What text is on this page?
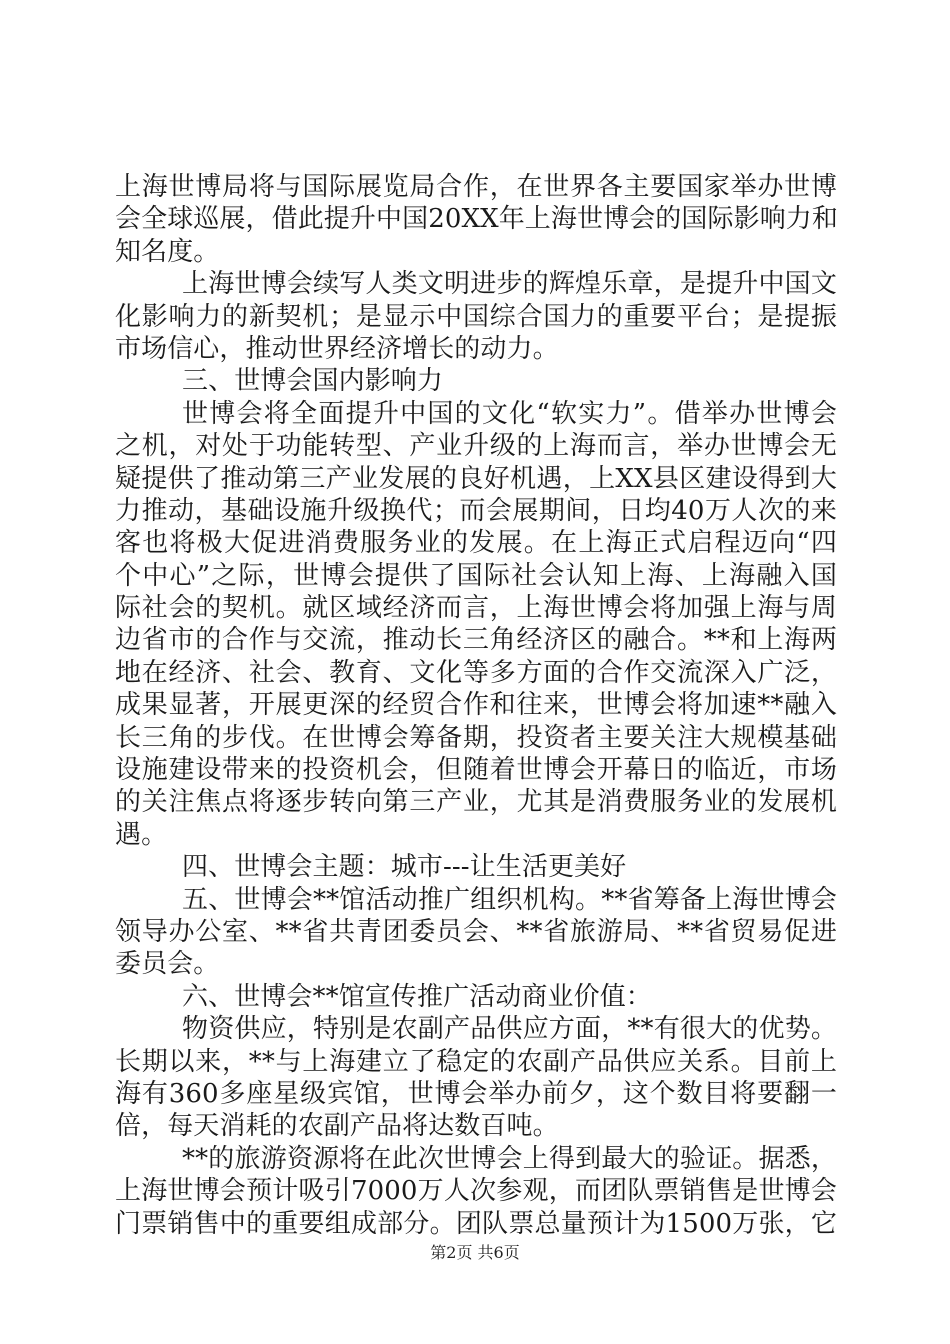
上海世博局将与国际展览局合作，在世界各主要国家举办世博
会全球巡展，借此提升中国20XX年上海世博会的国际影响力和
知名度。
上海世博会续写人类文明进步的辉煌乐章，是提升中国文
化影响力的新契机；是显示中国综合国力的重要平台；是提振
市场信心，推动世界经济增长的动力。
三、世博会国内影响力
世博会将全面提升中国的文化“软实力”。借举办世博会
之机，对处于功能转型、产业升级的上海而言，举办世博会无
疑提供了推动第三产业发展的良好机遇，上XX县区建设得到大
力推动，基础设施升级换代；而会展期间，日均40万人次的来
客也将极大促进消费服务业的发展。在上海正式启程迈向“四
个中心”之际，世博会提供了国际社会认知上海、上海融入国
际社会的契机。就区域经济而言，上海世博会将加强上海与周
边省市的合作与交流，推动长三角经济区的融合。**和上海两
地在经济、社会、教育、文化等多方面的合作交流深入广泛，
成果显著，开展更深的经贸合作和往来，世博会将加速**融入
长三角的步伐。在世博会筹备期，投资者主要关注大规模基础
设施建设带来的投资机会，但随着世博会开幕日的临近，市场
的关注焦点将逐步转向第三产业，尤其是消费服务业的发展机
遇。
四、世博会主题：城市---让生活更美好
五、世博会**馆活动推广组织机构。**省筹备上海世博会
领导办公室、**省共青团委员会、**省旅游局、**省贸易促进
委员会。
六、世博会**馆宣传推广活动商业价值：
物资供应，特别是农副产品供应方面，**有很大的优势。
长期以来，**与上海建立了稳定的农副产品供应关系。目前上
海有360多座星级宾馆，世博会举办前夕，这个数目将要翻一
倍，每天消耗的农副产品将达数百吨。
**的旅游资源将在此次世博会上得到最大的验证。据悉，
上海世博会预计吸引7000万人次参观，而团队票销售是世博会
门票销售中的重要组成部分。团队票总量预计为1500万张，它
第2页 共6页
